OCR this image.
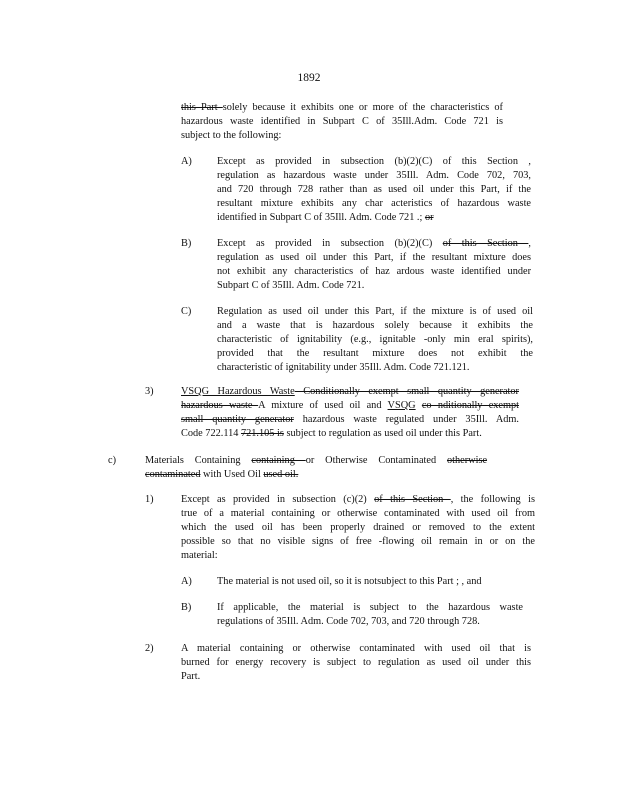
1892
this Part solely because it exhibits one or more of the characteristics of
hazardous waste identified in Subpart C of 35Ill.Adm. Code 721 is
subject to the following:
A) Except as provided in subsection (b)(2)(C) of this Section ,
regulation as hazardous waste under 35Ill. Adm. Code 702, 703,
and 720 through 728 rather than as used oil under this Part, if the
resultant mixture exhibits any char acteristics of hazardous waste
identified in Subpart C of 35Ill. Adm. Code 721 .; or
B) Except as provided in subsection (b)(2)(C) of this Section ,
regulation as used oil under this Part, if the resultant mixture does
not exhibit any characteristics of haz ardous waste identified under
Subpart C of 35Ill. Adm. Code 721.
C) Regulation as used oil under this Part, if the mixture is of used oil
and a waste that is hazardous solely because it exhibits the
characteristic of ignitability (e.g., ignitable -only min eral spirits),
provided that the resultant mixture does not exhibit the
characteristic of ignitability under 35Ill. Adm. Code 721.121.
3)	VSQG Hazardous Waste Conditionally exempt small quantity generator
hazardous waste A mixture of used oil and VSQG co nditionally exempt
small quantity generator hazardous waste regulated under 35Ill. Adm.
Code 722.114 721.105 is subject to regulation as used oil under this Part.
c)	Materials Containing containing or Otherwise Contaminated otherwise
contaminated with Used Oil used oil.
1)	Except as provided in subsection (c)(2) of this Section , the following is
true of a material containing or otherwise contaminated with used oil from
which the used oil has been properly drained or removed to the extent
possible so that no visible signs of free -flowing oil remain in or on the
material:
A) The material is not used oil, so it is notsubject to this Part ; , and
B) If applicable, the material is subject to the hazardous waste
regulations of 35Ill. Adm. Code 702, 703, and 720 through 728.
2)	A material containing or otherwise contaminated with used oil that is
burned for energy recovery is subject to regulation as used oil under this
Part.
